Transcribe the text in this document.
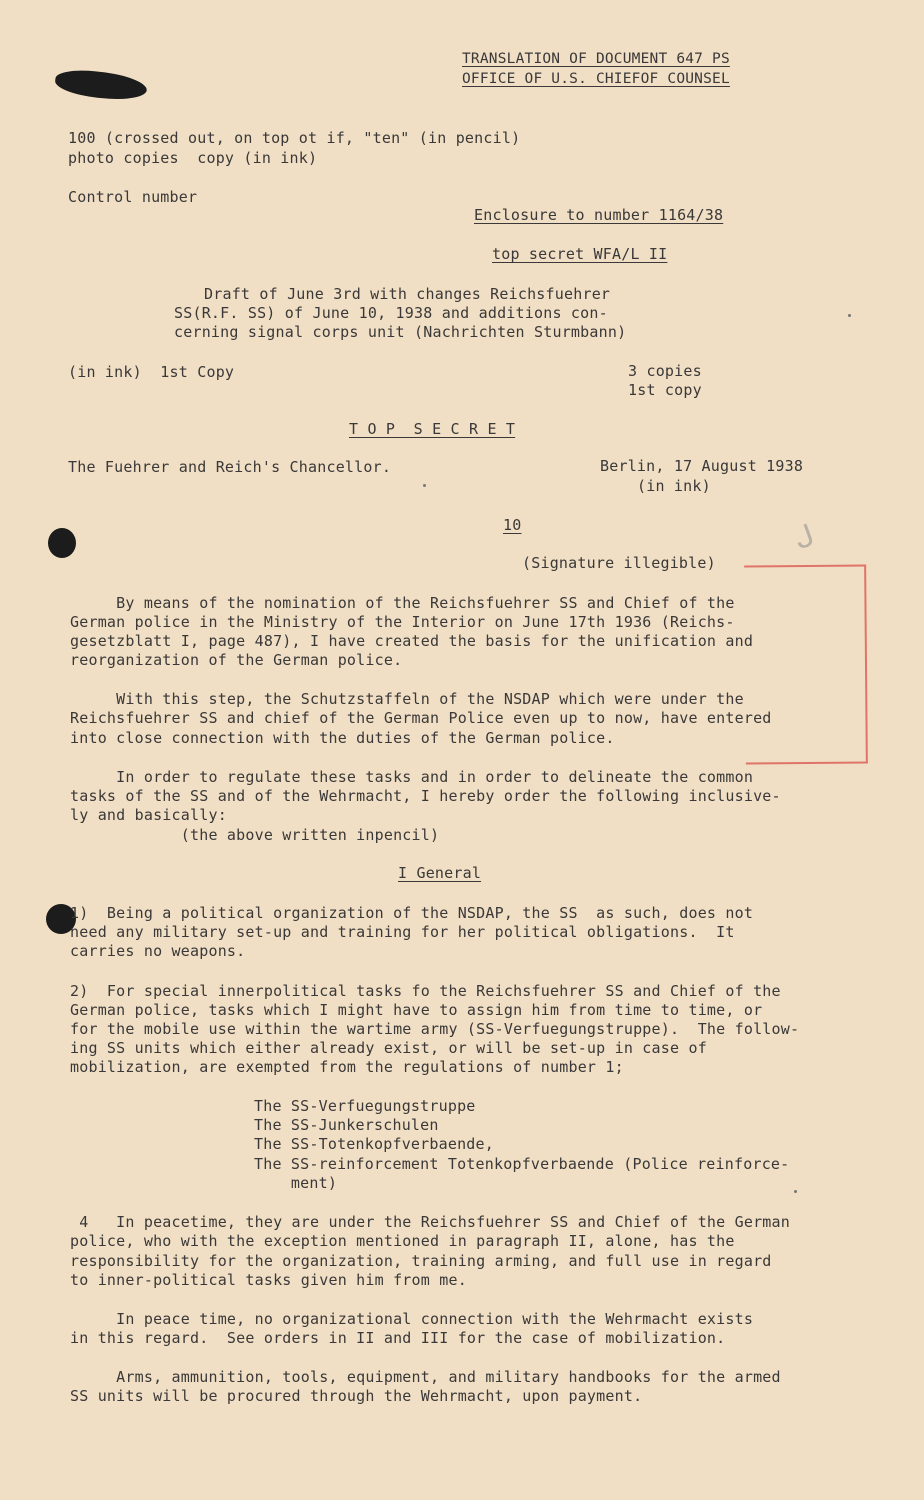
ᒍ
TRANSLATION OF DOCUMENT 647 PS
OFFICE OF U.S. CHIEFOF COUNSEL
100 (crossed out, on top ot if, "ten" (in pencil)
photo copies  copy (in ink)
Control number
Enclosure to number 1164/38
top secret WFA/L II
Draft of June 3rd with changes Reichsfuehrer
SS(R.F. SS) of June 10, 1938 and additions con-
cerning signal corps unit (Nachrichten Sturmbann)
(in ink)  1st Copy	3 copies
1st copy
T O P  S E C R E T
The Fuehrer and Reich's Chancellor.	Berlin, 17 August 1938
(in ink)
10
(Signature illegible)
By means of the nomination of the Reichsfuehrer SS and Chief of the
German police in the Ministry of the Interior on June 17th 1936 (Reichs-
gesetzblatt I, page 487), I have created the basis for the unification and
reorganization of the German police.
With this step, the Schutzstaffeln of the NSDAP which were under the
Reichsfuehrer SS and chief of the German Police even up to now, have entered
into close connection with the duties of the German police.
In order to regulate these tasks and in order to delineate the common
tasks of the SS and of the Wehrmacht, I hereby order the following inclusive-
ly and basically:
(the above written inpencil)
I General
1)  Being a political organization of the NSDAP, the SS  as such, does not
need any military set-up and training for her political obligations.  It
carries no weapons.
2)  For special innerpolitical tasks fo the Reichsfuehrer SS and Chief of the
German police, tasks which I might have to assign him from time to time, or
for the mobile use within the wartime army (SS-Verfuegungstruppe).  The follow-
ing SS units which either already exist, or will be set-up in case of
mobilization, are exempted from the regulations of number 1;
The SS-Verfuegungstruppe
The SS-Junkerschulen
The SS-Totenkopfverbaende,
The SS-reinforcement Totenkopfverbaende (Police reinforce-
ment)
4   In peacetime, they are under the Reichsfuehrer SS and Chief of the German
police, who with the exception mentioned in paragraph II, alone, has the
responsibility for the organization, training arming, and full use in regard
to inner-political tasks given him from me.
In peace time, no organizational connection with the Wehrmacht exists
in this regard.  See orders in II and III for the case of mobilization.
Arms, ammunition, tools, equipment, and military handbooks for the armed
SS units will be procured through the Wehrmacht, upon payment.
